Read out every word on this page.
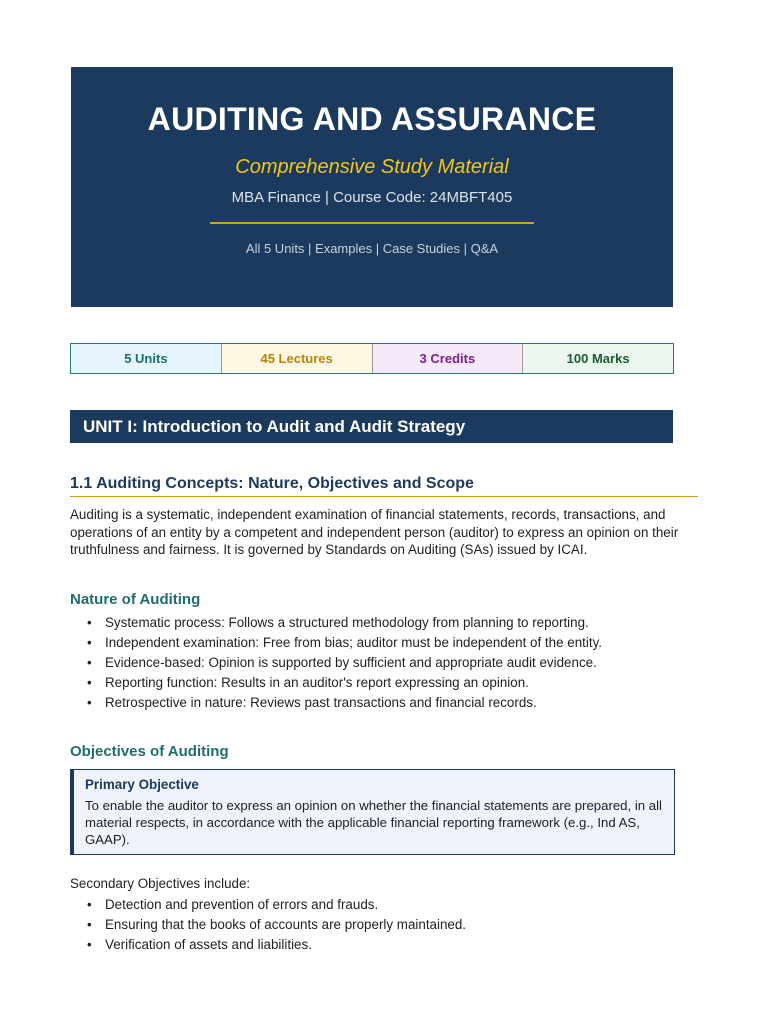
AUDITING AND ASSURANCE
Comprehensive Study Material
MBA Finance | Course Code: 24MBFT405
All 5 Units | Examples | Case Studies | Q&A
5 Units	45 Lectures	3 Credits	100 Marks
UNIT I: Introduction to Audit and Audit Strategy
1.1 Auditing Concepts: Nature, Objectives and Scope
Auditing is a systematic, independent examination of financial statements, records, transactions, and operations of an entity by a competent and independent person (auditor) to express an opinion on their truthfulness and fairness. It is governed by Standards on Auditing (SAs) issued by ICAI.
Nature of Auditing
• Systematic process: Follows a structured methodology from planning to reporting.
• Independent examination: Free from bias; auditor must be independent of the entity.
• Evidence-based: Opinion is supported by sufficient and appropriate audit evidence.
• Reporting function: Results in an auditor's report expressing an opinion.
• Retrospective in nature: Reviews past transactions and financial records.
Objectives of Auditing
Primary Objective
To enable the auditor to express an opinion on whether the financial statements are prepared, in all material respects, in accordance with the applicable financial reporting framework (e.g., Ind AS, GAAP).
Secondary Objectives include:
• Detection and prevention of errors and frauds.
• Ensuring that the books of accounts are properly maintained.
• Verification of assets and liabilities.
